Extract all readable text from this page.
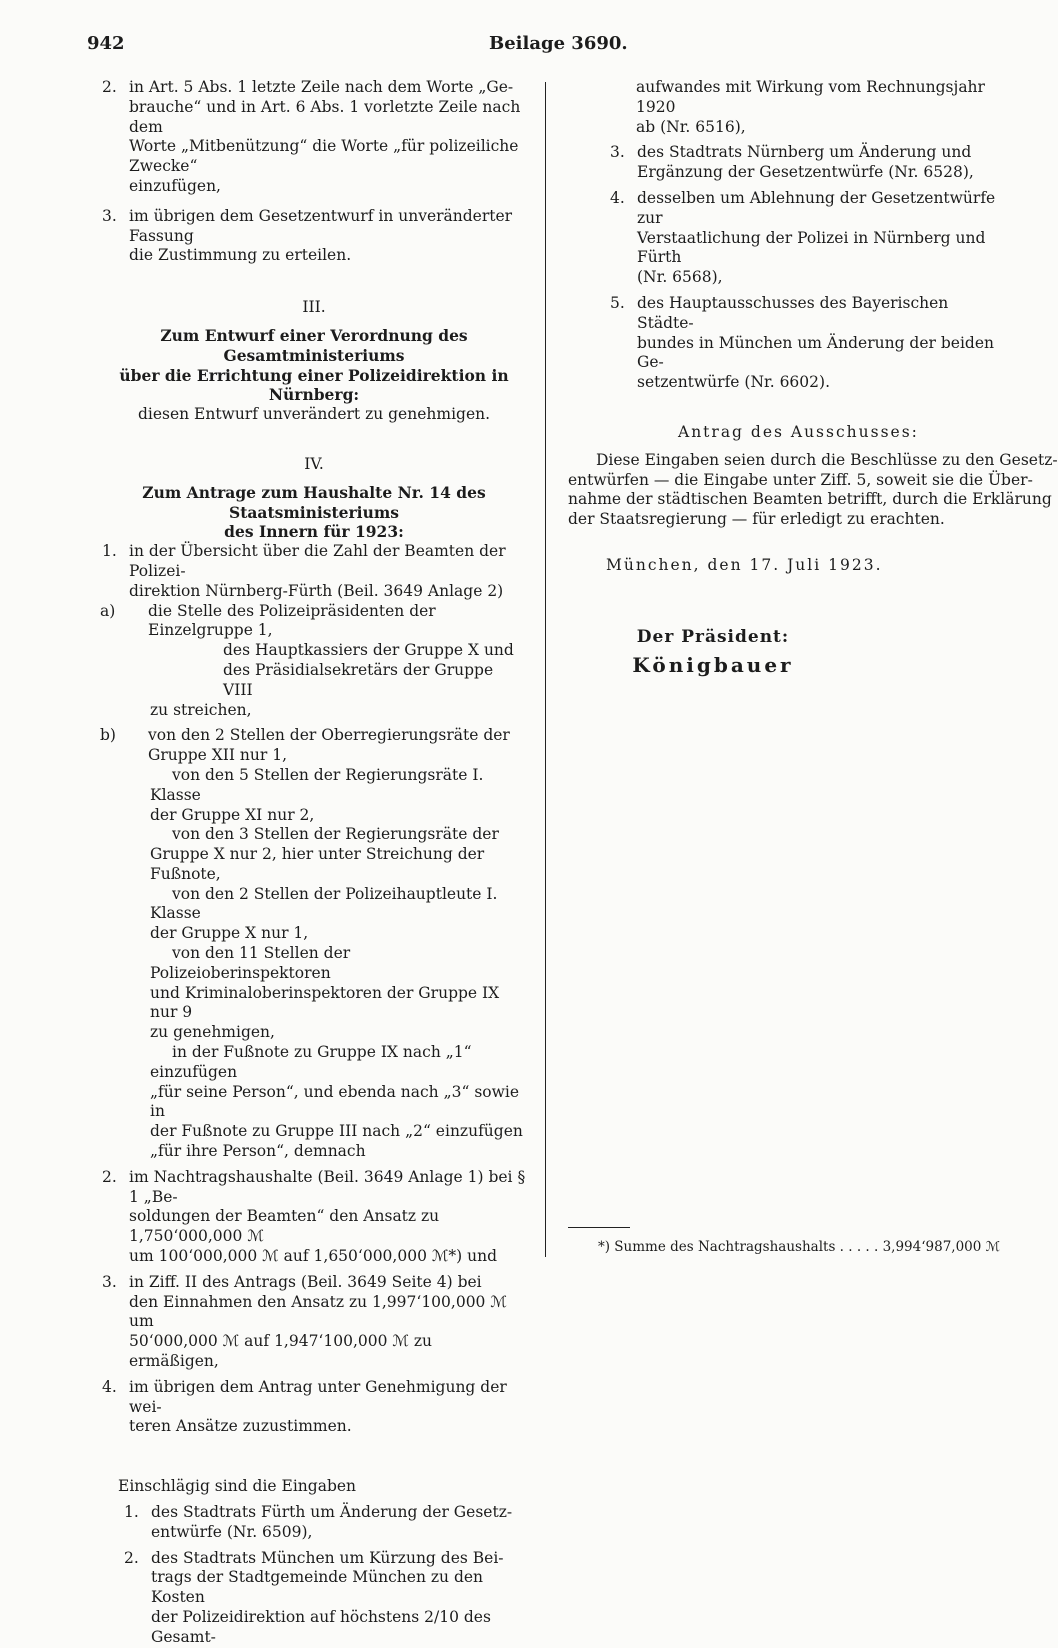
942	Beilage 3690.
2. in Art. 5 Abs. 1 letzte Zeile nach dem Worte „Ge-
brauche“ und in Art. 6 Abs. 1 vorletzte Zeile nach dem
Worte „Mitbenützung“ die Worte „für polizeiliche
Zwecke“
einzufügen,
3. im übrigen dem Gesetzentwurf in unveränderter Fassung
die Zustimmung zu erteilen.
III.
Zum Entwurf einer Verordnung des Gesamtministeriums
über die Errichtung einer Polizeidirektion in Nürnberg:
diesen Entwurf unverändert zu genehmigen.
IV.
Zum Antrage zum Haushalte Nr. 14 des Staatsministeriums
des Innern für 1923:
1. in der Übersicht über die Zahl der Beamten der Polizei-
direktion Nürnberg-Fürth (Beil. 3649 Anlage 2)
a) die Stelle des Polizeipräsidenten der Einzelgruppe 1,
des Hauptkassiers der Gruppe X und
des Präsidialsekretärs der Gruppe VIII
zu streichen,
b) von den 2 Stellen der Oberregierungsräte der
Gruppe XII nur 1,
von den 5 Stellen der Regierungsräte I. Klasse
der Gruppe XI nur 2,
von den 3 Stellen der Regierungsräte der
Gruppe X nur 2, hier unter Streichung der Fußnote,
von den 2 Stellen der Polizeihauptleute I. Klasse
der Gruppe X nur 1,
von den 11 Stellen der Polizeioberinspektoren
und Kriminaloberinspektoren der Gruppe IX nur 9
zu genehmigen,
in der Fußnote zu Gruppe IX nach „1“ einzufügen
„für seine Person“, und ebenda nach „3“ sowie in
der Fußnote zu Gruppe III nach „2“ einzufügen
„für ihre Person“, demnach
2. im Nachtragshaushalte (Beil. 3649 Anlage 1) bei § 1 „Be-
soldungen der Beamten“ den Ansatz zu 1,750‘000,000 ℳ
um 100‘000,000 ℳ auf 1,650‘000,000 ℳ*) und
3. in Ziff. II des Antrags (Beil. 3649 Seite 4) bei
den Einnahmen den Ansatz zu 1,997‘100,000 ℳ um
50‘000,000 ℳ auf 1,947‘100,000 ℳ zu ermäßigen,
4. im übrigen dem Antrag unter Genehmigung der wei-
teren Ansätze zuzustimmen.
Einschlägig sind die Eingaben
1. des Stadtrats Fürth um Änderung der Gesetz-
entwürfe (Nr. 6509),
2. des Stadtrats München um Kürzung des Bei-
trags der Stadtgemeinde München zu den Kosten
der Polizeidirektion auf höchstens 2/10 des Gesamt-
aufwandes mit Wirkung vom Rechnungsjahr 1920
ab (Nr. 6516),
3. des Stadtrats Nürnberg um Änderung und
Ergänzung der Gesetzentwürfe (Nr. 6528),
4. desselben um Ablehnung der Gesetzentwürfe zur
Verstaatlichung der Polizei in Nürnberg und Fürth
(Nr. 6568),
5. des Hauptausschusses des Bayerischen Städte-
bundes in München um Änderung der beiden Ge-
setzentwürfe (Nr. 6602).
Antrag des Ausschusses:
Diese Eingaben seien durch die Beschlüsse zu den Gesetz-
entwürfen — die Eingabe unter Ziff. 5, soweit sie die Über-
nahme der städtischen Beamten betrifft, durch die Erklärung
der Staatsregierung — für erledigt zu erachten.
München, den 17. Juli 1923.
Der Präsident:
Königbauer
*) Summe des Nachtragshaushalts . . . . . 3,994‘987,000 ℳ
